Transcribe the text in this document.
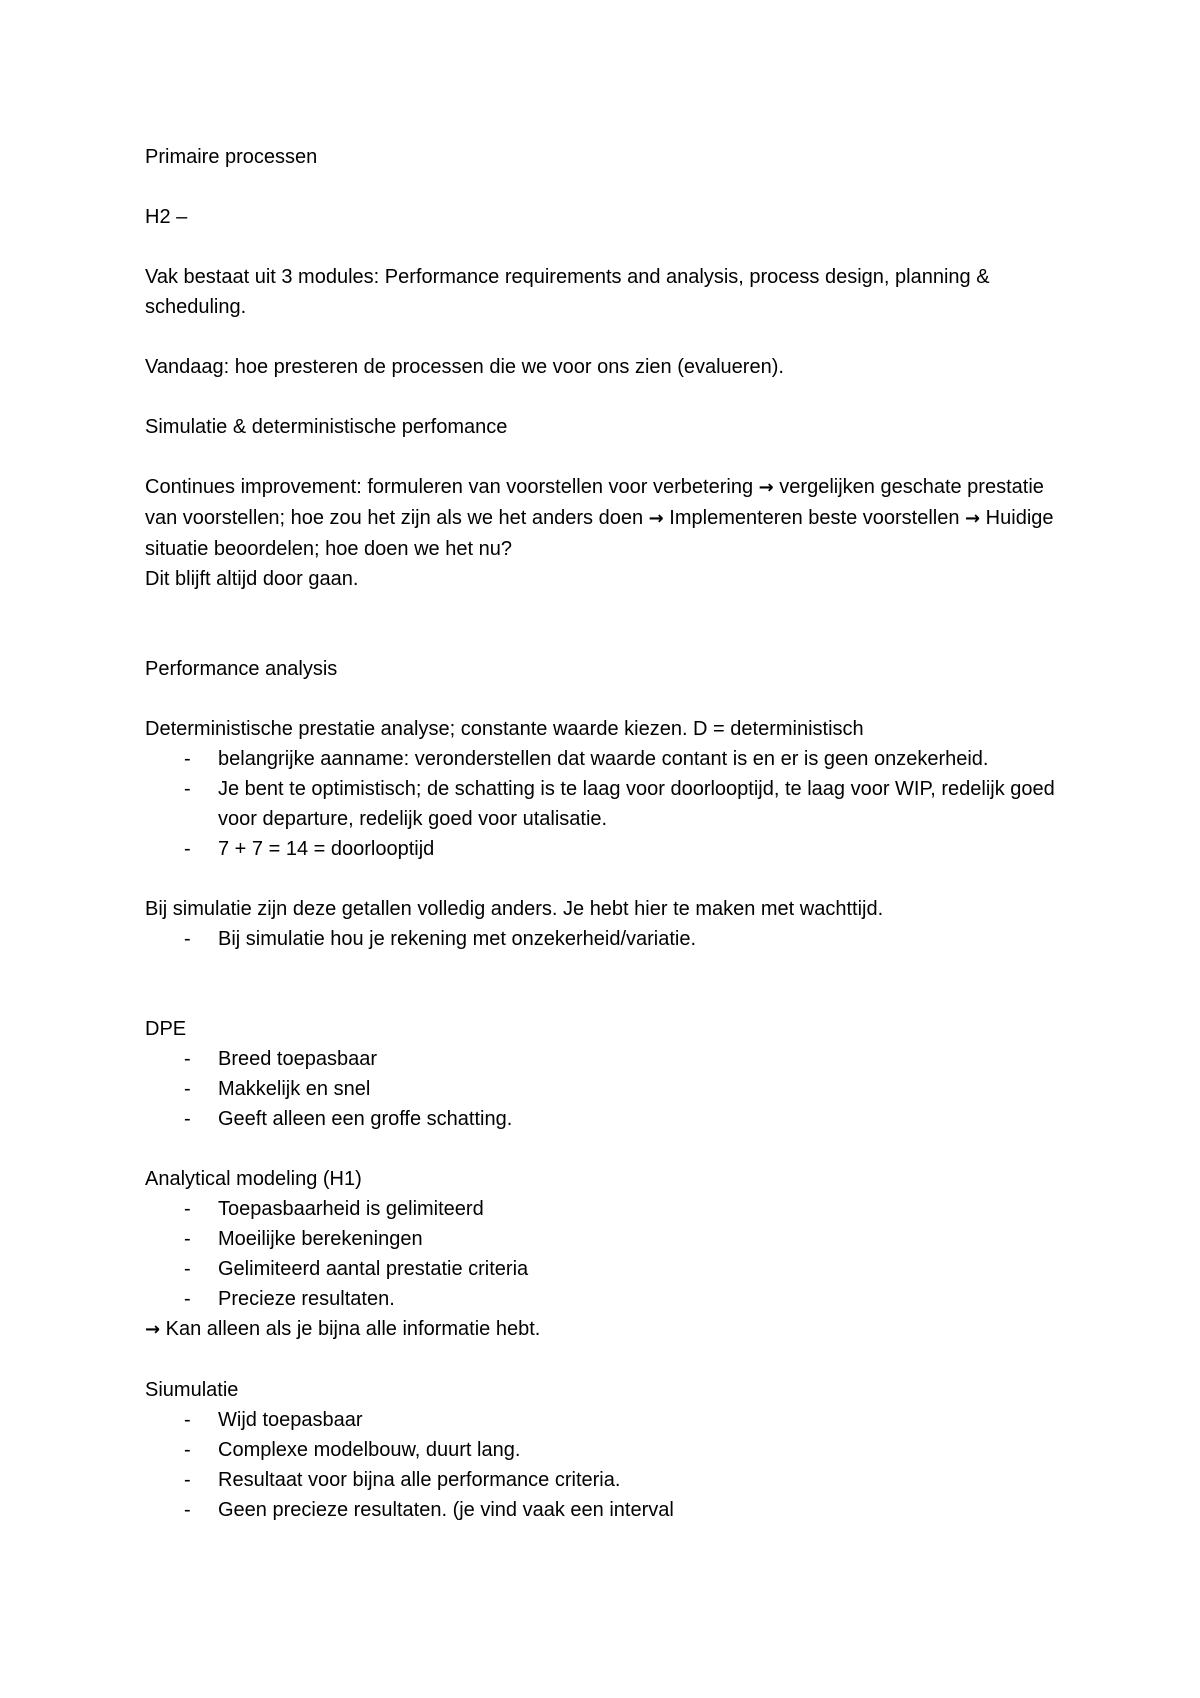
Primaire processen
H2 –
Vak bestaat uit 3 modules: Performance requirements and analysis, process design, planning & scheduling.
Vandaag: hoe presteren de processen die we voor ons zien (evalueren).
Simulatie & deterministische perfomance
Continues improvement: formuleren van voorstellen voor verbetering → vergelijken geschate prestatie van voorstellen; hoe zou het zijn als we het anders doen → Implementeren beste voorstellen → Huidige situatie beoordelen; hoe doen we het nu?
Dit blijft altijd door gaan.
Performance analysis
Deterministische prestatie analyse; constante waarde kiezen. D = deterministisch
- belangrijke aanname: veronderstellen dat waarde contant is en er is geen onzekerheid.
- Je bent te optimistisch; de schatting is te laag voor doorlooptijd, te laag voor WIP, redelijk goed voor departure, redelijk goed voor utalisatie.
- 7 + 7 = 14 = doorlooptijd
Bij simulatie zijn deze getallen volledig anders. Je hebt hier te maken met wachttijd.
- Bij simulatie hou je rekening met onzekerheid/variatie.
DPE
- Breed toepasbaar
- Makkelijk en snel
- Geeft alleen een groffe schatting.
Analytical modeling (H1)
- Toepasbaarheid is gelimiteerd
- Moeilijke berekeningen
- Gelimiteerd aantal prestatie criteria
- Precieze resultaten.
→ Kan alleen als je bijna alle informatie hebt.
Siumulatie
- Wijd toepasbaar
- Complexe modelbouw, duurt lang.
- Resultaat voor bijna alle performance criteria.
- Geen precieze resultaten. (je vind vaak een interval
